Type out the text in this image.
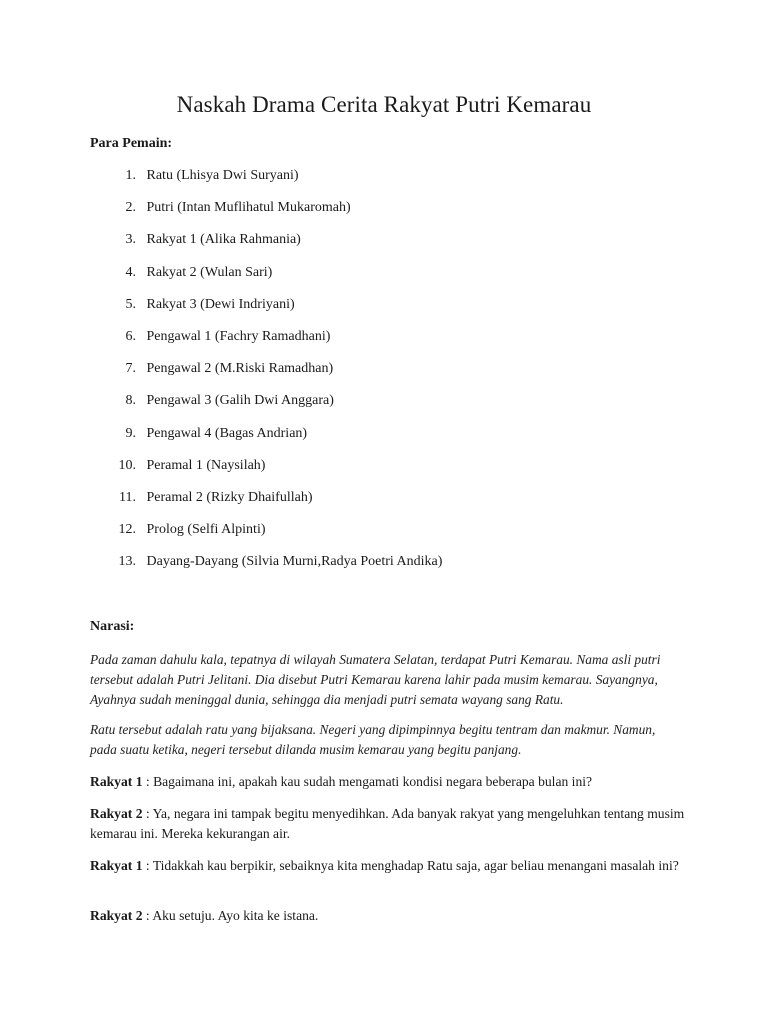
Naskah Drama Cerita Rakyat Putri Kemarau
Para Pemain:
1.
Ratu (Lhisya Dwi Suryani)
2.
Putri (Intan Muflihatul Mukaromah)
3.
Rakyat 1 (Alika Rahmania)
4.
Rakyat 2 (Wulan Sari)
5.
Rakyat 3 (Dewi Indriyani)
6.
Pengawal 1 (Fachry Ramadhani)
7.
Pengawal 2 (M.Riski Ramadhan)
8.
Pengawal 3 (Galih Dwi Anggara)
9.
Pengawal 4 (Bagas Andrian)
10.
Peramal 1 (Naysilah)
11.
Peramal 2 (Rizky Dhaifullah)
12.
Prolog (Selfi Alpinti)
13.
Dayang-Dayang (Silvia Murni,Radya Poetri Andika)
Narasi:

Pada zaman dahulu kala, tepatnya di wilayah Sumatera Selatan, terdapat Putri Kemarau. Nama asli putri tersebut adalah Putri Jelitani. Dia disebut Putri Kemarau karena lahir pada musim kemarau. Sayangnya, Ayahnya sudah meninggal dunia, sehingga dia menjadi putri semata wayang sang Ratu.

Ratu tersebut adalah ratu yang bijaksana. Negeri yang dipimpinnya begitu tentram dan makmur. Namun, pada suatu ketika, negeri tersebut dilanda musim kemarau yang begitu panjang.

Rakyat 1 : Bagaimana ini, apakah kau sudah mengamati kondisi negara beberapa bulan ini?

Rakyat 2 : Ya, negara ini tampak begitu menyedihkan. Ada banyak rakyat yang mengeluhkan tentang musim kemarau ini. Mereka kekurangan air.

Rakyat 1 : Tidakkah kau berpikir, sebaiknya kita menghadap Ratu saja, agar beliau menangani masalah ini?

Rakyat 2 : Aku setuju. Ayo kita ke istana.
